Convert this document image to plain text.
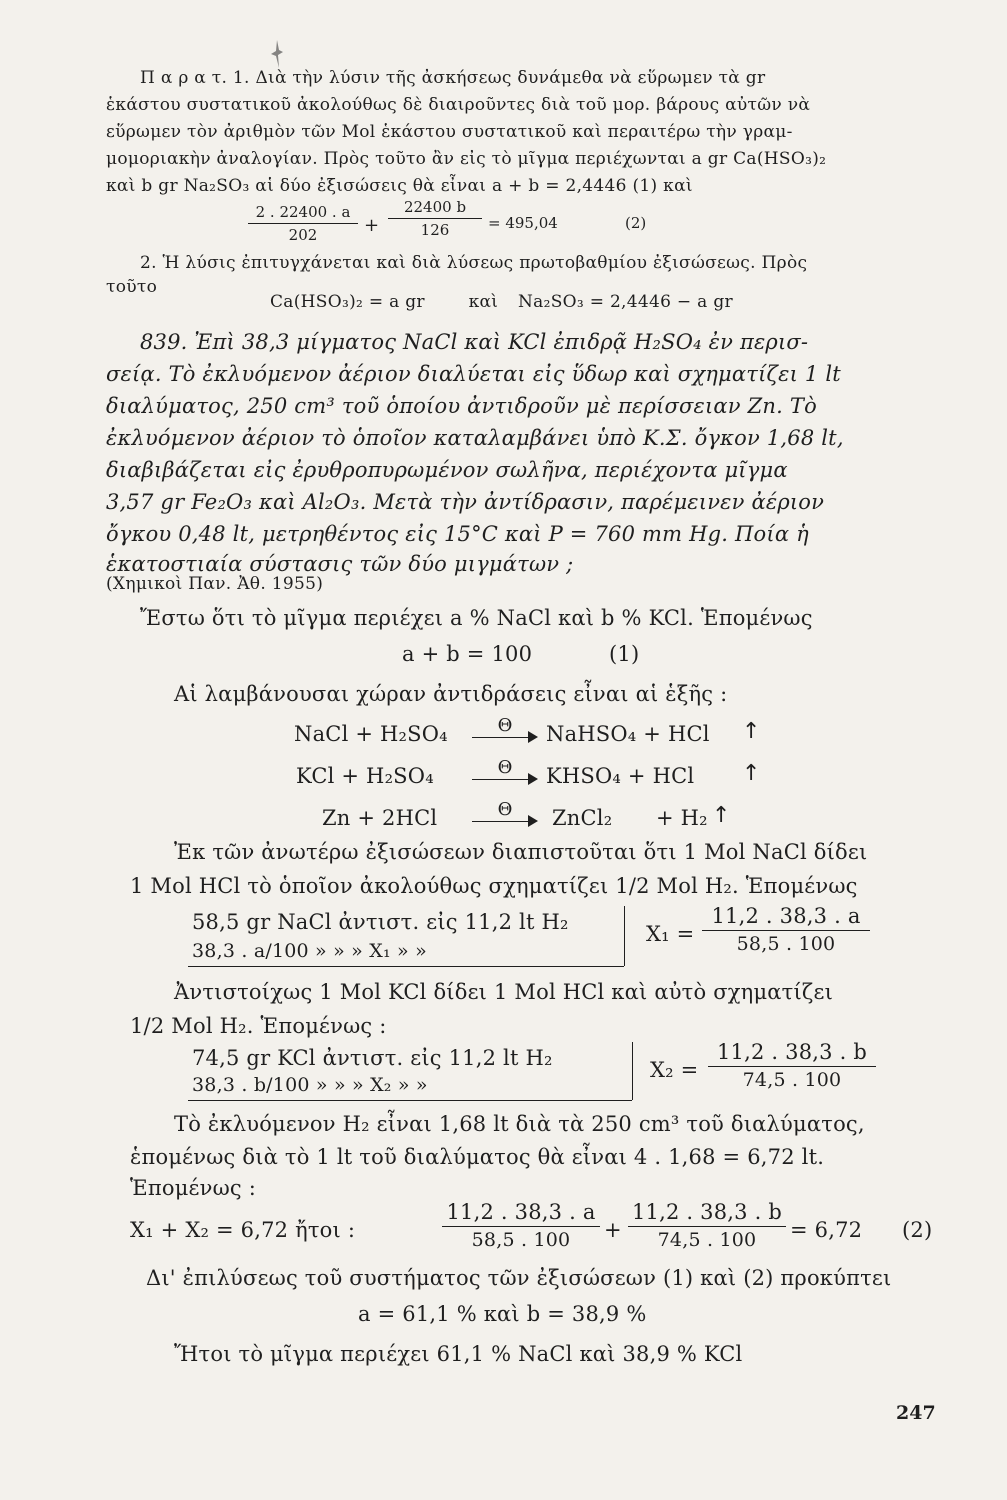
Π α ρ α τ. 1. Διὰ τὴν λύσιν τῆς ἀσκήσεως δυνάμεθα νὰ εὕρωμεν τὰ gr
ἑκάστου συστατικοῦ ἀκολούθως δὲ διαιροῦντες διὰ τοῦ μορ. βάρους αὐτῶν νὰ
εὕρωμεν τὸν ἀριθμὸν τῶν Mol ἑκάστου συστατικοῦ καὶ περαιτέρω τὴν γραμ-
μομοριακὴν ἀναλογίαν. Πρὸς τοῦτο ἂν εἰς τὸ μῖγμα περιέχωνται a gr Ca(HSO₃)₂
καὶ b gr Na₂SO₃ αἱ δύο ἐξισώσεις θὰ εἶναι a + b = 2,4446 (1) καὶ
$\frac{2 . 22400 . a}{202} + \frac{22400 b}{126} = 495,04$	(2)
2. Ἡ λύσις ἐπιτυγχάνεται καὶ διὰ λύσεως πρωτοβαθμίου ἐξισώσεως. Πρὸς
τοῦτο
Ca(HSO₃)₂ = a gr	καὶ Na₂SO₃ = 2,4446 − a gr
839. Ἐπὶ 38,3 μίγματος NaCl καὶ KCl ἐπιδρᾷ H₂SO₄ ἐν περισ-
σείᾳ. Τὸ ἐκλυόμενον ἀέριον διαλύεται εἰς ὕδωρ καὶ σχηματίζει 1 lt
διαλύματος, 250 cm³ τοῦ ὁποίου ἀντιδροῦν μὲ περίσσειαν Zn. Τὸ
ἐκλυόμενον ἀέριον τὸ ὁποῖον καταλαμβάνει ὑπὸ Κ.Σ. ὄγκον 1,68 lt,
διαβιβάζεται εἰς ἐρυθροπυρωμένον σωλῆνα, περιέχοντα μῖγμα
3,57 gr Fe₂O₃ καὶ Al₂O₃. Μετὰ τὴν ἀντίδρασιν, παρέμεινεν ἀέριον
ὄγκου 0,48 lt, μετρηθέντος εἰς 15°C καὶ P = 760 mm Hg. Ποία ἡ
ἑκατοστιαία σύστασις τῶν δύο μιγμάτων ;
(Χημικοὶ Παν. Ἀθ. 1955)
Ἔστω ὅτι τὸ μῖγμα περιέχει a % NaCl καὶ b % KCl. Ἑπομένως
a + b = 100	(1)
Αἱ λαμβάνουσαι χώραν ἀντιδράσεις εἶναι αἱ ἑξῆς :
NaCl + H₂SO₄	Θ	NaHSO₄ + HCl ↑
KCl + H₂SO₄	Θ	KHSO₄ + HCl ↑
Zn + 2HCl	Θ	ZnCl₂ + H₂ ↑
Ἐκ τῶν ἀνωτέρω ἐξισώσεων διαπιστοῦται ὅτι 1 Mol NaCl δίδει
1 Mol HCl τὸ ὁποῖον ἀκολούθως σχηματίζει 1/2 Mol H₂. Ἑπομένως
58,5 gr NaCl ἀντιστ. εἰς 11,2 lt H₂
38,3 . a/100 » » » X₁ » »
$X_1 = \frac{11,2 . 38,3 . a}{58,5 . 100}$
Ἀντιστοίχως 1 Mol KCl δίδει 1 Mol HCl καὶ αὐτὸ σχηματίζει
1/2 Mol H₂. Ἑπομένως :
74,5 gr KCl ἀντιστ. εἰς 11,2 lt H₂
38,3 . b/100 » » » X₂ » »
$X_2 = \frac{11,2 . 38,3 . b}{74,5 . 100}$
Τὸ ἐκλυόμενον H₂ εἶναι 1,68 lt διὰ τὰ 250 cm³ τοῦ διαλύματος,
ἑπομένως διὰ τὸ 1 lt τοῦ διαλύματος θὰ εἶναι 4 . 1,68 = 6,72 lt.
Ἑπομένως :
X₁ + X₂ = 6,72 ἤτοι :	$\frac{11,2 . 38,3 . a}{58,5 . 100} + \frac{11,2 . 38,3 . b}{74,5 . 100} = 6,72$ (2)
Δι' ἐπιλύσεως τοῦ συστήματος τῶν ἐξισώσεων (1) καὶ (2) προκύπτει
a = 61,1 % καὶ b = 38,9 %
Ἤτοι τὸ μῖγμα περιέχει 61,1 % NaCl καὶ 38,9 % KCl
247
